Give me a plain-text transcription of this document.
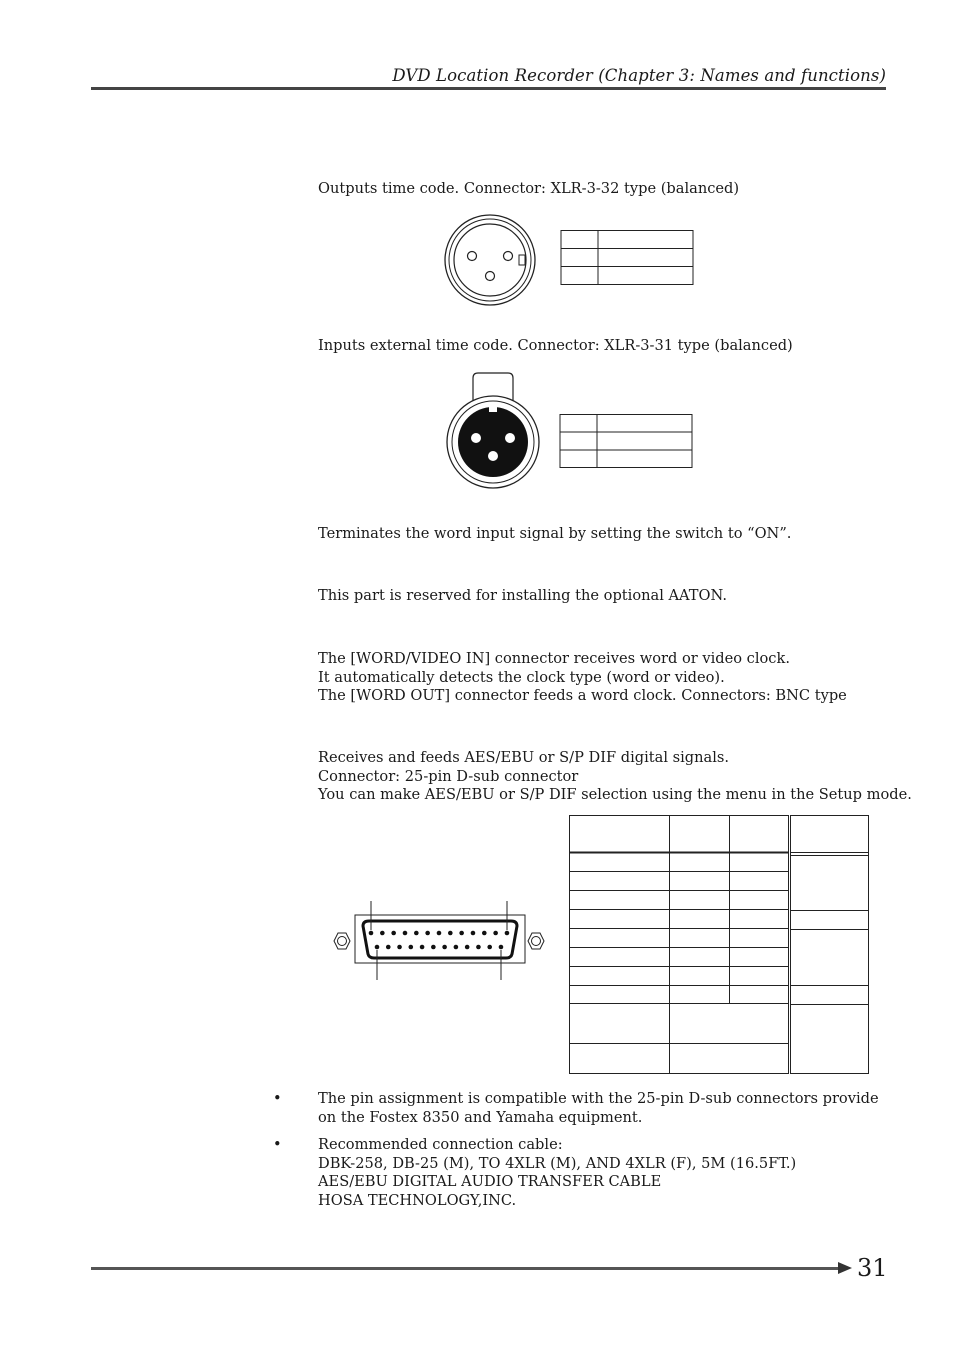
DVD Location Recorder (Chapter 3: Names and functions)
Outputs time code. Connector: XLR-3-32 type (balanced)
Inputs external time code. Connector: XLR-3-31 type (balanced)
Terminates the word input signal by setting the switch to “ON”.
This part is reserved for installing the optional AATON.
The [WORD/VIDEO IN] connector receives word or video clock.
It automatically detects the clock type (word or video).
The [WORD OUT] connector feeds a word clock. Connectors: BNC type
Receives and feeds AES/EBU or S/P DIF digital signals.
Connector: 25-pin D-sub connector
You can make AES/EBU or S/P DIF selection using the menu in the Setup mode.
• The pin assignment is compatible with the 25-pin D-sub connectors provide
on the Fostex 8350 and Yamaha equipment.
• Recommended connection cable:
DBK-258, DB-25 (M), TO 4XLR (M), AND 4XLR (F), 5M (16.5FT.)
AES/EBU DIGITAL AUDIO TRANSFER CABLE
HOSA TECHNOLOGY,INC.
31
